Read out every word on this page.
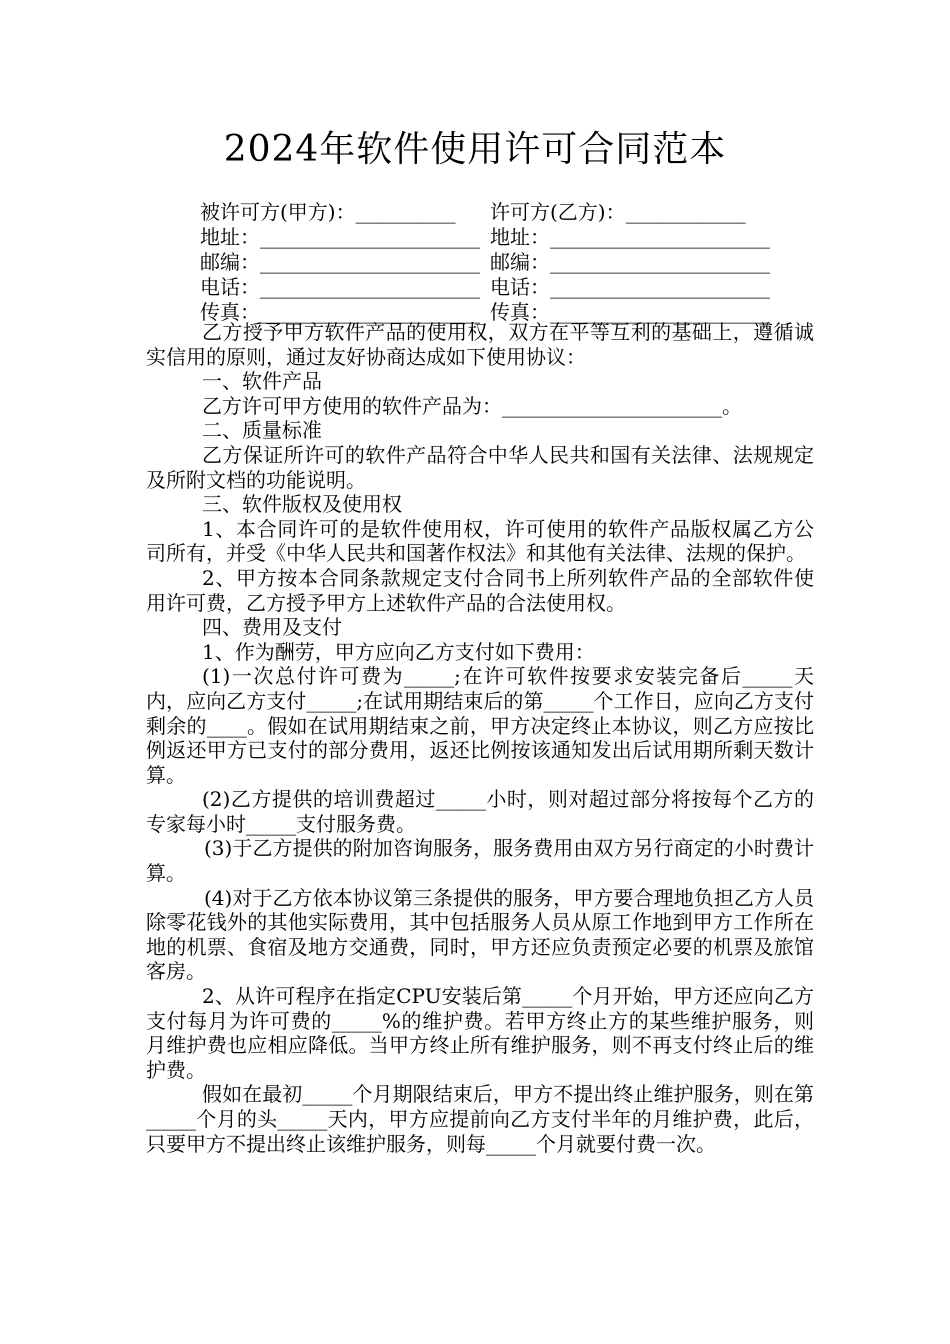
2024年软件使用许可合同范本
被许可方(甲方)：__________ 许可方(乙方)：____________
地址：______________________ 地址：______________________
邮编：______________________ 邮编：______________________
电话：______________________ 电话：______________________
传真：______________________ 传真：______________________

乙方授予甲方软件产品的使用权，双方在平等互利的基础上，遵循诚实信用的原则，通过友好协商达成如下使用协议：

一、软件产品

乙方许可甲方使用的软件产品为：______________________。

二、质量标准

乙方保证所许可的软件产品符合中华人民共和国有关法律、法规规定及所附文档的功能说明。

三、软件版权及使用权

1、本合同许可的是软件使用权，许可使用的软件产品版权属乙方公司所有，并受《中华人民共和国著作权法》和其他有关法律、法规的保护。

2、甲方按本合同条款规定支付合同书上所列软件产品的全部软件使用许可费，乙方授予甲方上述软件产品的合法使用权。

四、费用及支付

1、作为酬劳，甲方应向乙方支付如下费用：

(1)一次总付许可费为_____;在许可软件按要求安装完备后_____天内，应向乙方支付_____;在试用期结束后的第_____个工作日，应向乙方支付剩余的____。假如在试用期结束之前，甲方决定终止本协议，则乙方应按比例返还甲方已支付的部分费用，返还比例按该通知发出后试用期所剩天数计算。

(2)乙方提供的培训费超过_____小时，则对超过部分将按每个乙方的专家每小时_____支付服务费。

(3)于乙方提供的附加咨询服务，服务费用由双方另行商定的小时费计算。

(4)对于乙方依本协议第三条提供的服务，甲方要合理地负担乙方人员除零花钱外的其他实际费用，其中包括服务人员从原工作地到甲方工作所在地的机票、食宿及地方交通费，同时，甲方还应负责预定必要的机票及旅馆客房。

2、从许可程序在指定CPU安装后第_____个月开始，甲方还应向乙方支付每月为许可费的_____%的维护费。若甲方终止方的某些维护服务，则月维护费也应相应降低。当甲方终止所有维护服务，则不再支付终止后的维护费。

假如在最初_____个月期限结束后，甲方不提出终止维护服务，则在第_____个月的头_____天内，甲方应提前向乙方支付半年的月维护费，此后，只要甲方不提出终止该维护服务，则每_____个月就要付费一次。
